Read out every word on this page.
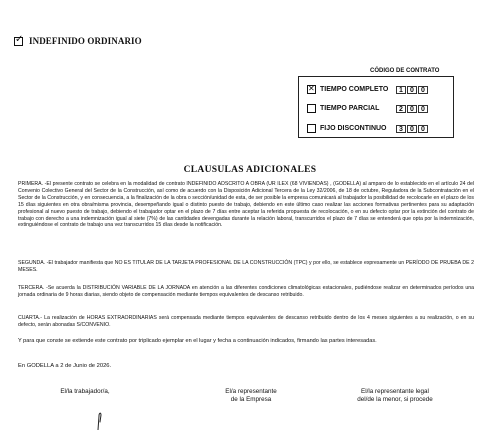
✓
INDEFINIDO ORDINARIO
CÓDIGO DE CONTRATO
✕
TIEMPO COMPLETO	1	0	0
TIEMPO PARCIAL	2	0	0
FIJO DISCONTINUO	3	0	0
CLAUSULAS ADICIONALES
PRIMERA. -El presente contrato se celebra en la modalidad de contrato INDEFINIDO ADSCRITO A OBRA (UR ILEX (68 VIVIENDAS) , (GODELLA) al amparo de lo establecido en el artículo 24 del Convenio Colectivo General del Sector de la Construcción, así como de acuerdo con la Disposición Adicional Tercera de la Ley 32/2006, de 18 de octubre, Reguladora de la Subcontratación en el Sector de la Construcción, y en consecuencia, a la finalización de la obra o sección/unidad de esta, de ser posible la empresa comunicará al trabajador la posibilidad de recolocarle en el plazo de los 15 días siguientes en otra obra/misma provincia, desempeñando igual o distinto puesto de trabajo, debiendo en este último caso realizar las acciones formativas pertinentes para su adaptación profesional al nuevo puesto de trabajo, debiendo el trabajador optar en el plazo de 7 días entre aceptar la referida propuesta de recolocación, o en su defecto optar por la extinción del contrato de trabajo con derecho a una indemnización igual al siete (7%) de las cantidades devengadas durante la relación laboral, transcurridos el plazo de 7 días se entenderá que opta por la indemnización, extinguiéndose el contrato de trabajo una vez transcurridos 15 días desde la notificación.
SEGUNDA. -El trabajador manifiesta que NO ES TITULAR DE LA TARJETA PROFESIONAL DE LA CONSTRUCCIÓN (TPC) y por ello, se establece expresamente un PERÍODO DE PRUEBA DE 2 MESES.
TERCERA. -Se acuerda la DISTRIBUCIÓN VARIABLE DE LA JORNADA en atención a las diferentes condiciones climatológicas estacionales, pudiéndose realizar en determinados períodos una jornada ordinaria de 9 horas diarias, siendo objeto de compensación mediante tiempos equivalentes de descanso retribuido.
CUARTA.- La realización de HORAS EXTRAORDINARIAS será compensada mediante tiempos equivalentes de descanso retribuido dentro de los 4 meses siguientes a su realización, o en su defecto, serán abonadas S/CONVENIO.
Y para que conste se extiende este contrato por triplicado ejemplar en el lugar y fecha a continuación indicados, firmando las partes interesadas.
En GODELLA a 2 de Junio de 2026.
El/la trabajador/a,	El/a representante
de la Empresa
El/la representante legal
del/de la menor, si procede
